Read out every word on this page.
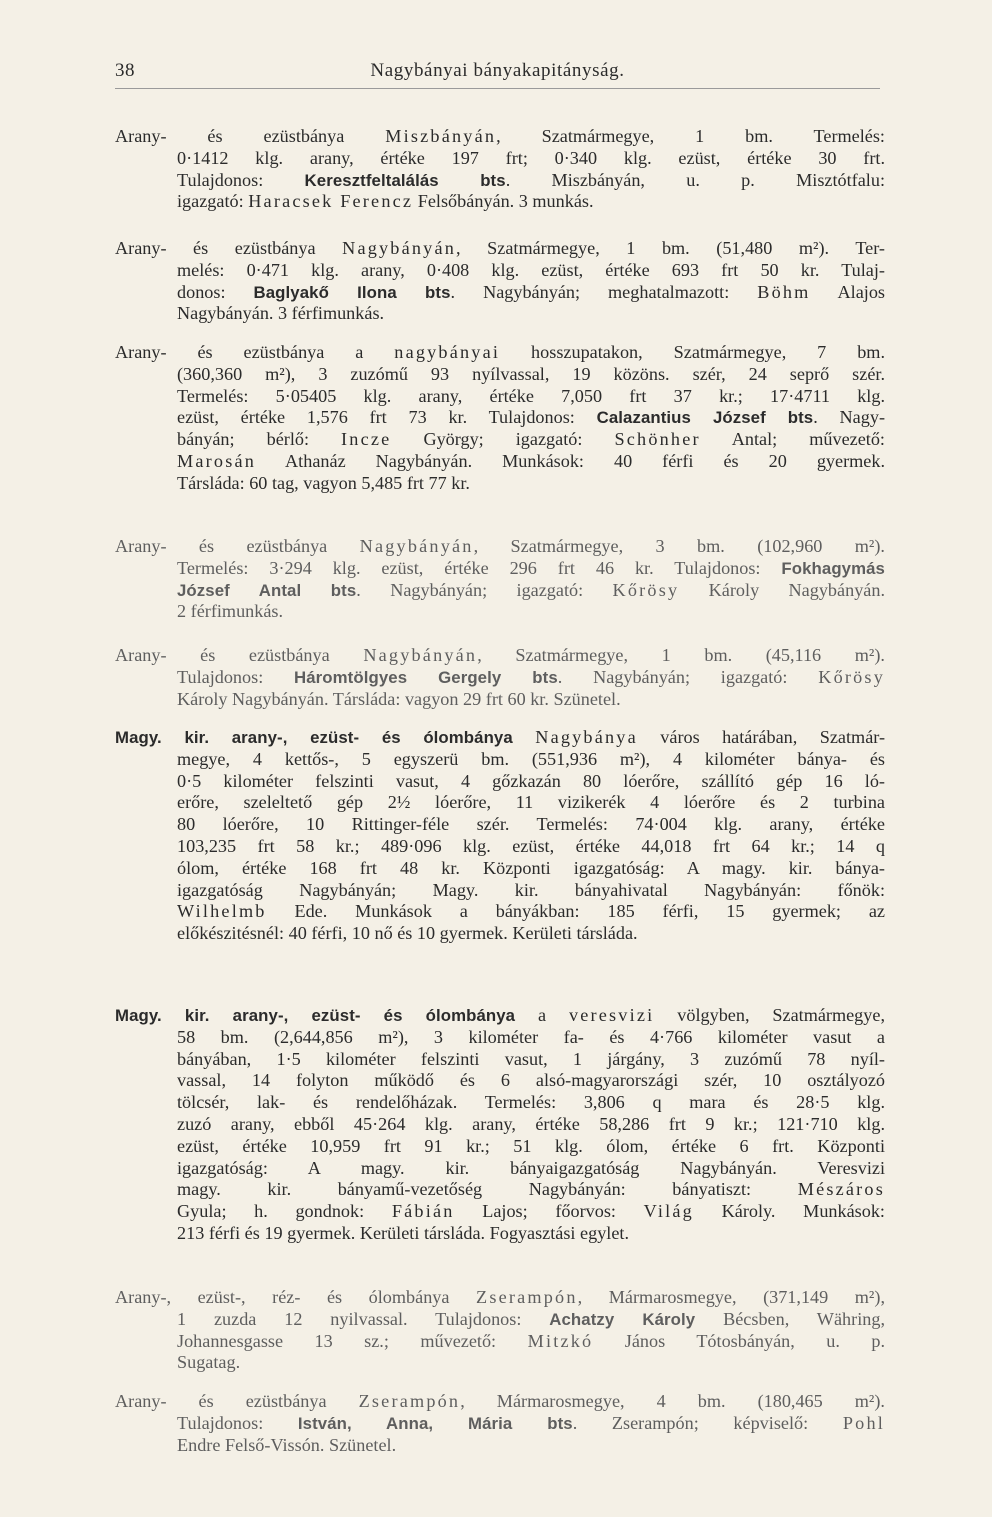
38	Nagybányai bányakapitányság.
Arany- és ezüstbánya Miszbányán, Szatmármegye, 1 bm. Termelés:
0·1412 klg. arany, értéke 197 frt; 0·340 klg. ezüst, értéke 30 frt.
Tulajdonos: Keresztfeltalálás bts. Miszbányán, u. p. Misztótfalu:
igazgató: Haracsek Ferencz Felsőbányán. 3 munkás.
Arany- és ezüstbánya Nagybányán, Szatmármegye, 1 bm. (51,480 m²). Ter-
melés: 0·471 klg. arany, 0·408 klg. ezüst, értéke 693 frt 50 kr. Tulaj-
donos: Baglyakő Ilona bts. Nagybányán; meghatalmazott: Böhm Alajos
Nagybányán. 3 férfimunkás.
Arany- és ezüstbánya a nagybányai hosszupatakon, Szatmármegye, 7 bm.
(360,360 m²), 3 zuzómű 93 nyílvassal, 19 közöns. szér, 24 seprő szér.
Termelés: 5·05405 klg. arany, értéke 7,050 frt 37 kr.; 17·4711 klg.
ezüst, értéke 1,576 frt 73 kr. Tulajdonos: Calazantius József bts. Nagy-
bányán; bérlő: Incze György; igazgató: Schönher Antal; művezető:
Marosán Athanáz Nagybányán. Munkások: 40 férfi és 20 gyermek.
Társláda: 60 tag, vagyon 5,485 frt 77 kr.
Arany- és ezüstbánya Nagybányán, Szatmármegye, 3 bm. (102,960 m²).
Termelés: 3·294 klg. ezüst, értéke 296 frt 46 kr. Tulajdonos: Fokhagymás
József Antal bts. Nagybányán; igazgató: Kőrösy Károly Nagybányán.
2 férfimunkás.
Arany- és ezüstbánya Nagybányán, Szatmármegye, 1 bm. (45,116 m²).
Tulajdonos: Háromtölgyes Gergely bts. Nagybányán; igazgató: Kőrösy
Károly Nagybányán. Társláda: vagyon 29 frt 60 kr. Szünetel.
Magy. kir. arany-, ezüst- és ólombánya Nagybánya város határában, Szatmár-
megye, 4 kettős-, 5 egyszerü bm. (551,936 m²), 4 kilométer bánya- és
0·5 kilométer felszinti vasut, 4 gőzkazán 80 lóerőre, szállító gép 16 ló-
erőre, szeleltető gép 2½ lóerőre, 11 vizikerék 4 lóerőre és 2 turbina
80 lóerőre, 10 Rittinger-féle szér. Termelés: 74·004 klg. arany, értéke
103,235 frt 58 kr.; 489·096 klg. ezüst, értéke 44,018 frt 64 kr.; 14 q
ólom, értéke 168 frt 48 kr. Központi igazgatóság: A magy. kir. bánya-
igazgatóság Nagybányán; Magy. kir. bányahivatal Nagybányán: főnök:
Wilhelmb Ede. Munkások a bányákban: 185 férfi, 15 gyermek; az
előkészitésnél: 40 férfi, 10 nő és 10 gyermek. Kerületi társláda.
Magy. kir. arany-, ezüst- és ólombánya a veresvizi völgyben, Szatmármegye,
58 bm. (2,644,856 m²), 3 kilométer fa- és 4·766 kilométer vasut a
bányában, 1·5 kilométer felszinti vasut, 1 járgány, 3 zuzómű 78 nyíl-
vassal, 14 folyton működő és 6 alsó-magyarországi szér, 10 osztályozó
tölcsér, lak- és rendelőházak. Termelés: 3,806 q mara és 28·5 klg.
zuzó arany, ebből 45·264 klg. arany, értéke 58,286 frt 9 kr.; 121·710 klg.
ezüst, értéke 10,959 frt 91 kr.; 51 klg. ólom, értéke 6 frt. Központi
igazgatóság: A magy. kir. bányaigazgatóság Nagybányán. Veresvizi
magy. kir. bányamű-vezetőség Nagybányán: bányatiszt: Mészáros
Gyula; h. gondnok: Fábián Lajos; főorvos: Világ Károly. Munkások:
213 férfi és 19 gyermek. Kerületi társláda. Fogyasztási egylet.
Arany-, ezüst-, réz- és ólombánya Zserampón, Mármarosmegye, (371,149 m²),
1 zuzda 12 nyilvassal. Tulajdonos: Achatzy Károly Bécsben, Währing,
Johannesgasse 13 sz.; művezető: Mitzkó János Tótosbányán, u. p.
Sugatag.
Arany- és ezüstbánya Zserampón, Mármarosmegye, 4 bm. (180,465 m²).
Tulajdonos: István, Anna, Mária bts. Zserampón; képviselő: Pohl
Endre Felső-Vissón. Szünetel.
